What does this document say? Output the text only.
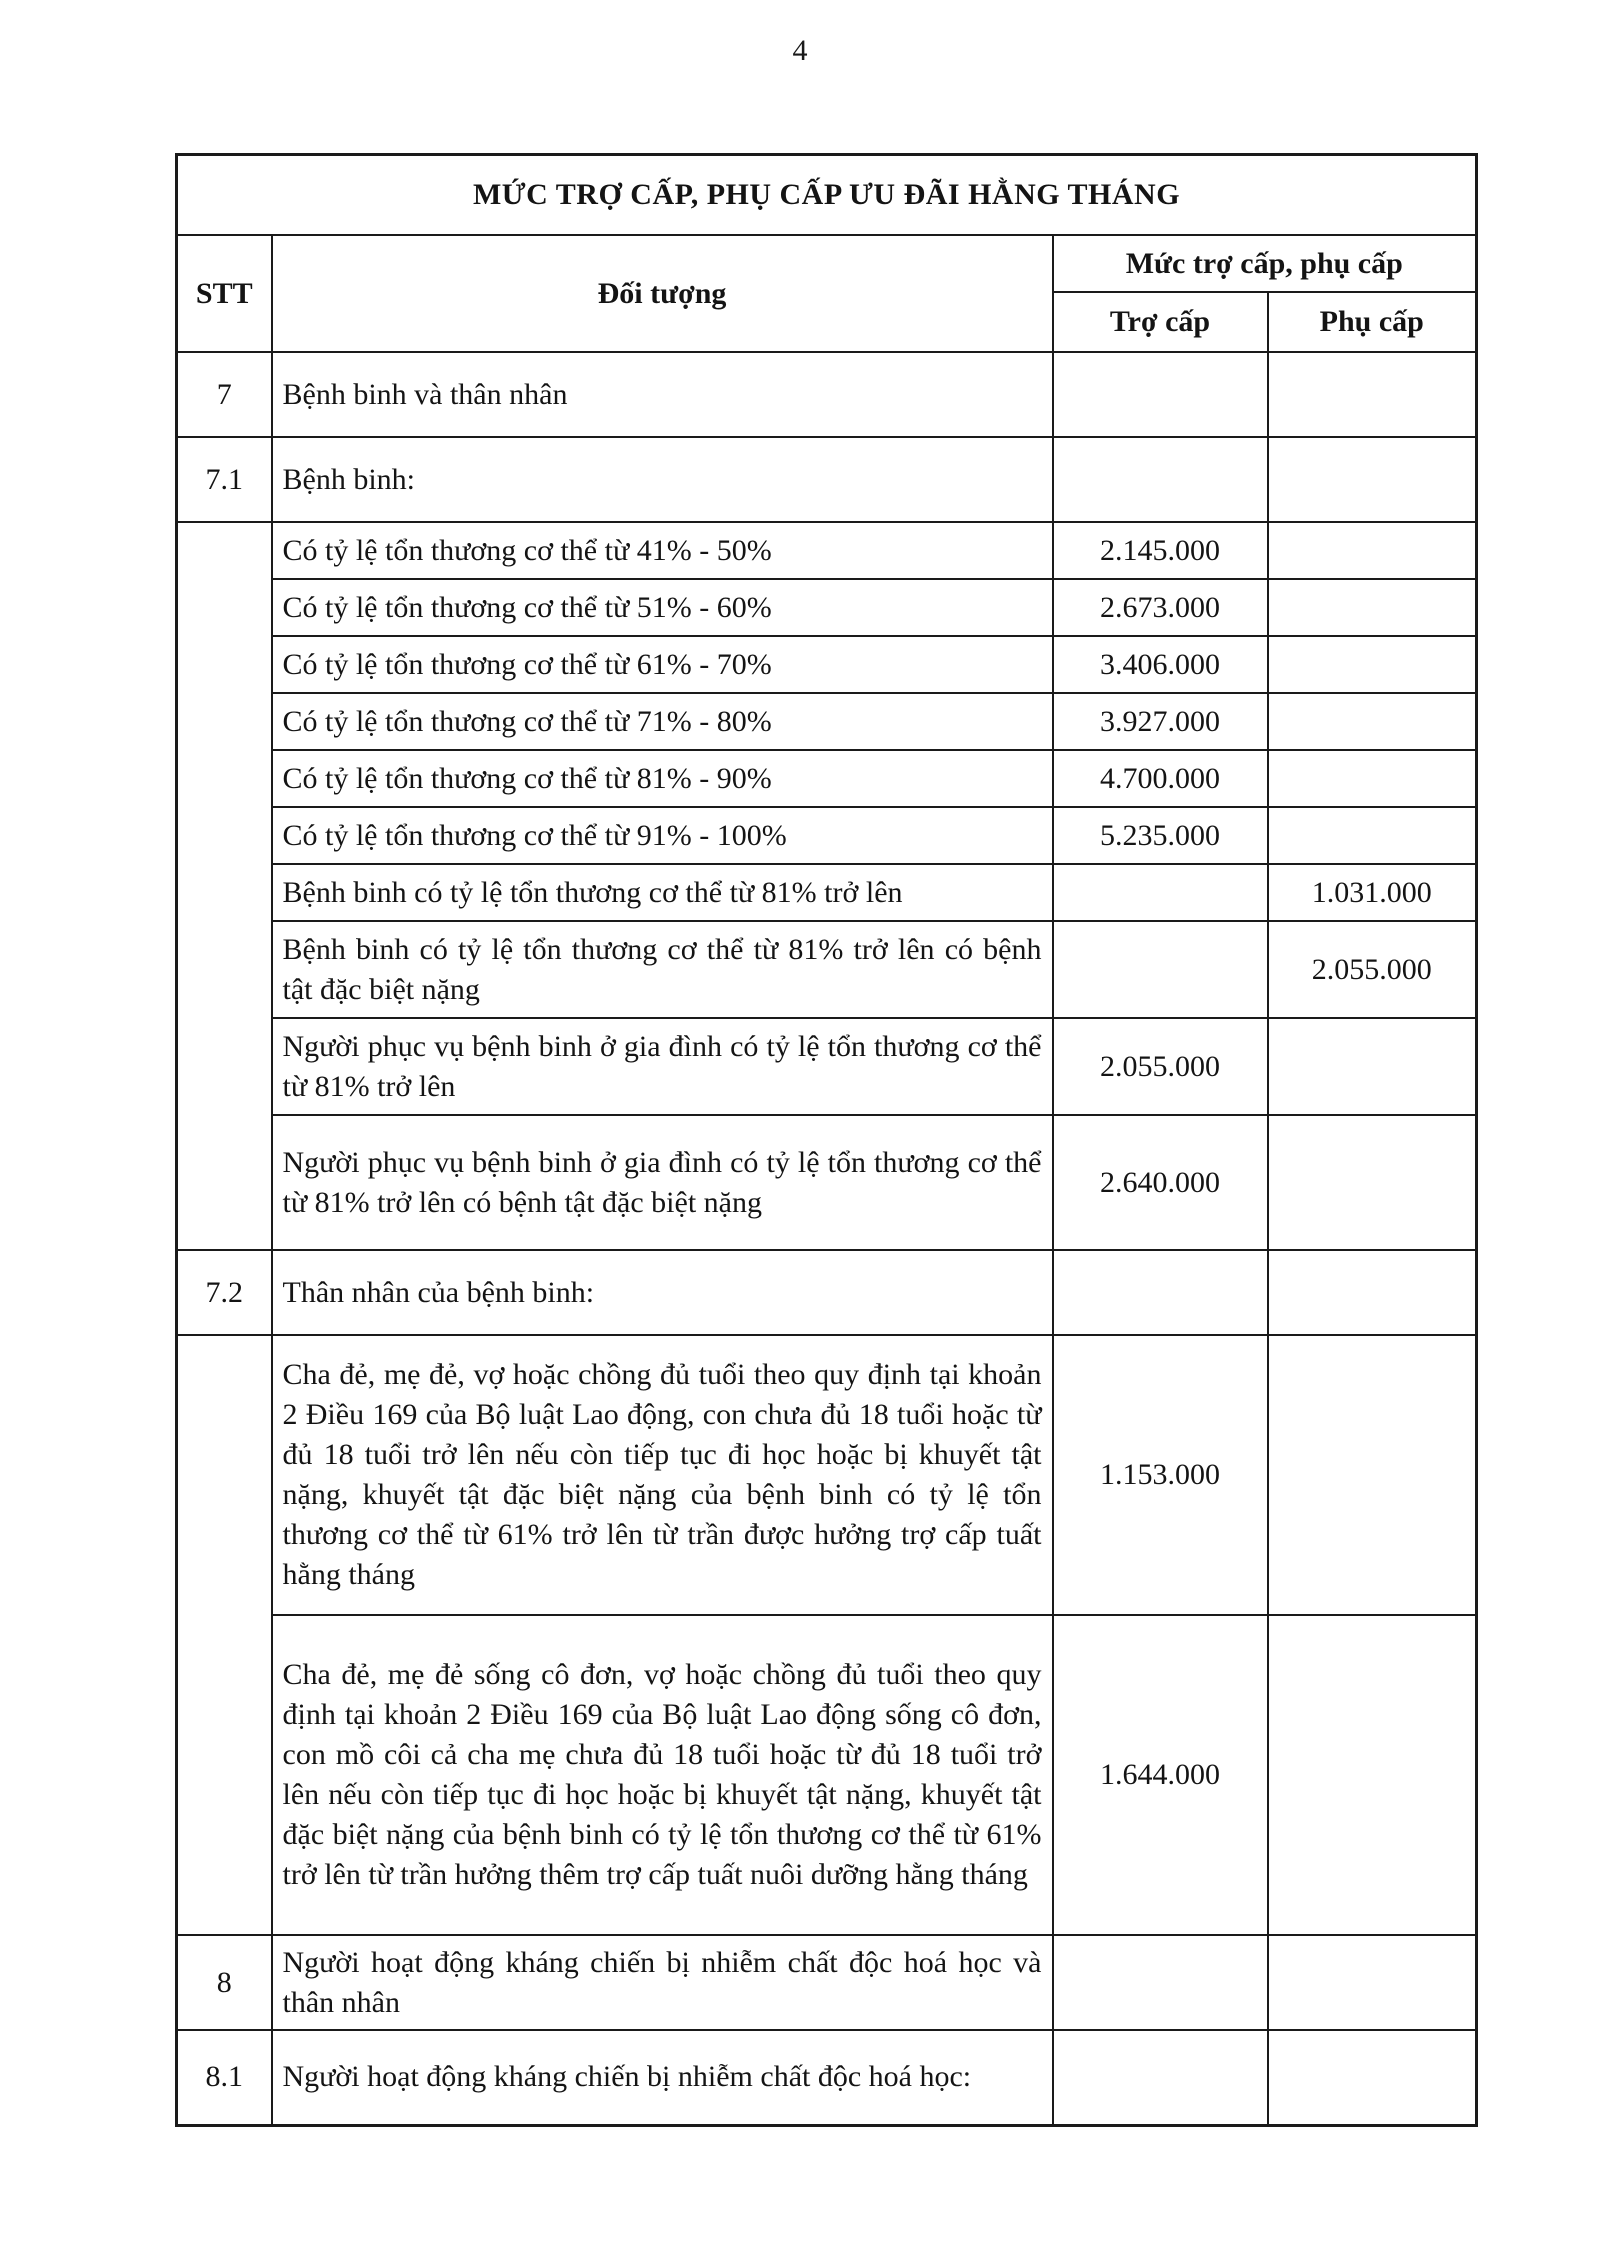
4
MỨC TRỢ CẤP, PHỤ CẤP ƯU ĐÃI HẰNG THÁNG			
STT	Đối tượng	Mức trợ cấp, phụ cấp	
		Trợ cấp	Phụ cấp
7	Bệnh binh và thân nhân		
7.1	Bệnh binh:		
	Có tỷ lệ tổn thương cơ thể từ 41% - 50%	2.145.000	
	Có tỷ lệ tổn thương cơ thể từ 51% - 60%	2.673.000	
	Có tỷ lệ tổn thương cơ thể từ 61% - 70%	3.406.000	
	Có tỷ lệ tổn thương cơ thể từ 71% - 80%	3.927.000	
	Có tỷ lệ tổn thương cơ thể từ 81% - 90%	4.700.000	
	Có tỷ lệ tổn thương cơ thể từ 91% - 100%	5.235.000	
	Bệnh binh có tỷ lệ tổn thương cơ thể từ 81% trở lên		1.031.000
	Bệnh binh có tỷ lệ tổn thương cơ thể từ 81% trở lên có bệnh tật đặc biệt nặng		2.055.000
	Người phục vụ bệnh binh ở gia đình có tỷ lệ tổn thương cơ thể từ 81% trở lên	2.055.000	
	Người phục vụ bệnh binh ở gia đình có tỷ lệ tổn thương cơ thể từ 81% trở lên có bệnh tật đặc biệt nặng	2.640.000	
7.2	Thân nhân của bệnh binh:		
	Cha đẻ, mẹ đẻ, vợ hoặc chồng đủ tuổi theo quy định tại khoản 2 Điều 169 của Bộ luật Lao động, con chưa đủ 18 tuổi hoặc từ đủ 18 tuổi trở lên nếu còn tiếp tục đi học hoặc bị khuyết tật nặng, khuyết tật đặc biệt nặng của bệnh binh có tỷ lệ tổn thương cơ thể từ 61% trở lên từ trần được hưởng trợ cấp tuất hằng tháng	1.153.000	
	Cha đẻ, mẹ đẻ sống cô đơn, vợ hoặc chồng đủ tuổi theo quy định tại khoản 2 Điều 169 của Bộ luật Lao động sống cô đơn, con mồ côi cả cha mẹ chưa đủ 18 tuổi hoặc từ đủ 18 tuổi trở lên nếu còn tiếp tục đi học hoặc bị khuyết tật nặng, khuyết tật đặc biệt nặng của bệnh binh có tỷ lệ tổn thương cơ thể từ 61% trở lên từ trần hưởng thêm trợ cấp tuất nuôi dưỡng hằng tháng	1.644.000	
8	Người hoạt động kháng chiến bị nhiễm chất độc hoá học và thân nhân		
8.1	Người hoạt động kháng chiến bị nhiễm chất độc hoá học:		
